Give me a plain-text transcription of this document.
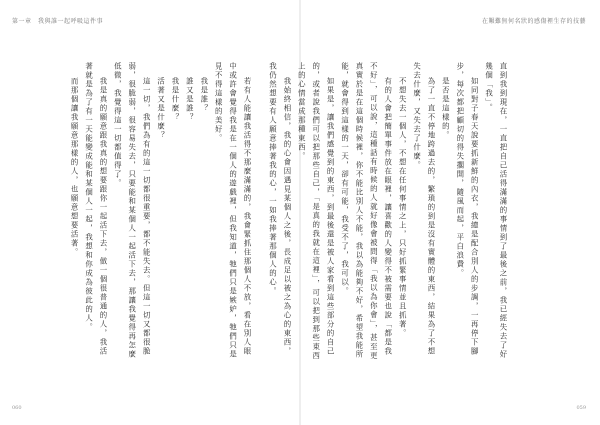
第一章　我與誰一起呼吸這件事	在艱難無何名狀的感傷裡生存的技藝

直到我到現在，一直把自己活得滿滿的事情到了最後之前，我已經失去了好幾個「我」。

如同對子春天說要抓新鮮的內衣，我總是配合別人的步調，一再停下腳步，每次都把顧切的得失擱開，隨風而起，平白浪費。

是否是這樣的。

為了一直不停地跨過去的，繁瑣的到是沒有實體的東西，結果為了不想失去什麼，又失去了什麼。

不想失去一個人，不想在任何事情之上，只好抓緊事情並且抓著。

有的人會把簡單事件放在眼裡，讓喜歡的人變得不被需要也說「都是我不好」，可以說，這種話有時候的人就好像會被問得「我以為你會」，甚至更真實於是在這個時候裡，你不能比別人不能，我以為能夠不好，希望我能所能，就會得到這樣的一天，卻有可能，我受不了，我可以。

如果是，讓我們感覺到的東西，到最後還是被人家看到這些部分的自己的，或者說我們可以把那些自己，「是真的我就在這裡」，可以把到那些東西上的心情當成那種東西。

我始終相信，我的心會因遇見某個人之後，長成足以被之為心的東西，我仍然想要有人願意捧著我的心，一如我捧著那個人的心。

若有人能讓我活得不那麼滿滿的，我會緊抓住那個人不放，看在別人眼中或許會覺得我是在一個人的遊戲裡，但我知道，牠們只是嫉妒，牠們只是見不得這樣的美好。

我是誰？

誰又是誰？

我是什麼？

活著又是什麼？

這一切，我們為有的這一切都很重要，都不能失去。但這一切又都很脆弱，很脆弱，很容易失去，只要能和某個人一起活下去，那讓我覺得再怎麼低微，我覺得這一切都值得了。

我是真的願意跟我真的想要跟你一起活下去，做一個很普通的人，我活著就是為了有一天能變成能和某個人一起，我想和你成為彼此的人。

而那個讓我願意那樣的人，也願意想要活著。

060	059
